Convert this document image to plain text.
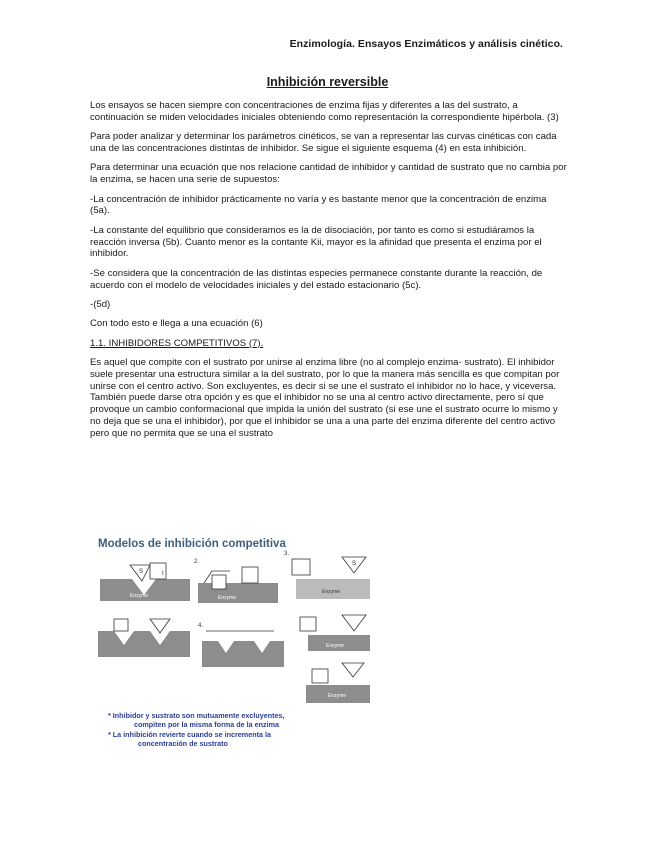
Enzimología. Ensayos Enzimáticos y análisis cinético.
Inhibición reversible

Los ensayos se hacen siempre con concentraciones de enzima fijas y diferentes a las del sustrato, a continuación se miden velocidades iniciales obteniendo como representación la correspondiente hipérbola. (3)

Para poder analizar y determinar los parámetros cinéticos, se van a representar las curvas cinéticas con cada una de las concentraciones distintas de inhibidor. Se sigue el siguiente esquema (4) en esta inhibición.

Para determinar una ecuación que nos relacione cantidad de inhibidor y cantidad de sustrato que no cambia por la enzima, se hacen una serie de supuestos:

-La concentración de inhibidor prácticamente no varía y es bastante menor que la concentración de enzima (5a).

-La constante del equilibrio que consideramos es la de disociación, por tanto es como si estudiáramos la reacción inversa (5b). Cuanto menor es la contante Kii, mayor es la afinidad que presenta el enzima por el inhibidor.

-Se considera que la concentración de las distintas especies permanece constante durante la reacción, de acuerdo con el modelo de velocidades iniciales y del estado estacionario (5c).

-(5d)

Con todo esto e llega a una ecuación (6)

1.1. INHIBIDORES COMPETITIVOS (7).

Es aquel que compite con el sustrato por unirse al enzima libre (no al complejo enzima- sustrato). El inhibidor suele presentar una estructura similar a la del sustrato, por lo que la manera más sencilla es que compitan por unirse con el centro activo. Son excluyentes, es decir si se une el sustrato el inhibidor no lo hace, y viceversa. También puede darse otra opción y es que el inhibidor no se una al centro activo directamente, pero sí que provoque un cambio conformacional que impida la unión del sustrato (si ese une el sustrato ocurre lo mismo y no deja que se una el inhibidor), por que el inhibidor se una a una parte del enzima diferente del centro activo pero que no permita que se una el sustrato

I
S
Enzyme
2.
Enzyme
3.
S
Enzyme
Enzyme
Enzyme
4.
Modelos de inhibición competitiva
* Inhibidor y sustrato son mutuamente excluyentes,
compiten por la misma forma de la enzima
* La inhibición revierte cuando se incrementa la
concentración de sustrato
